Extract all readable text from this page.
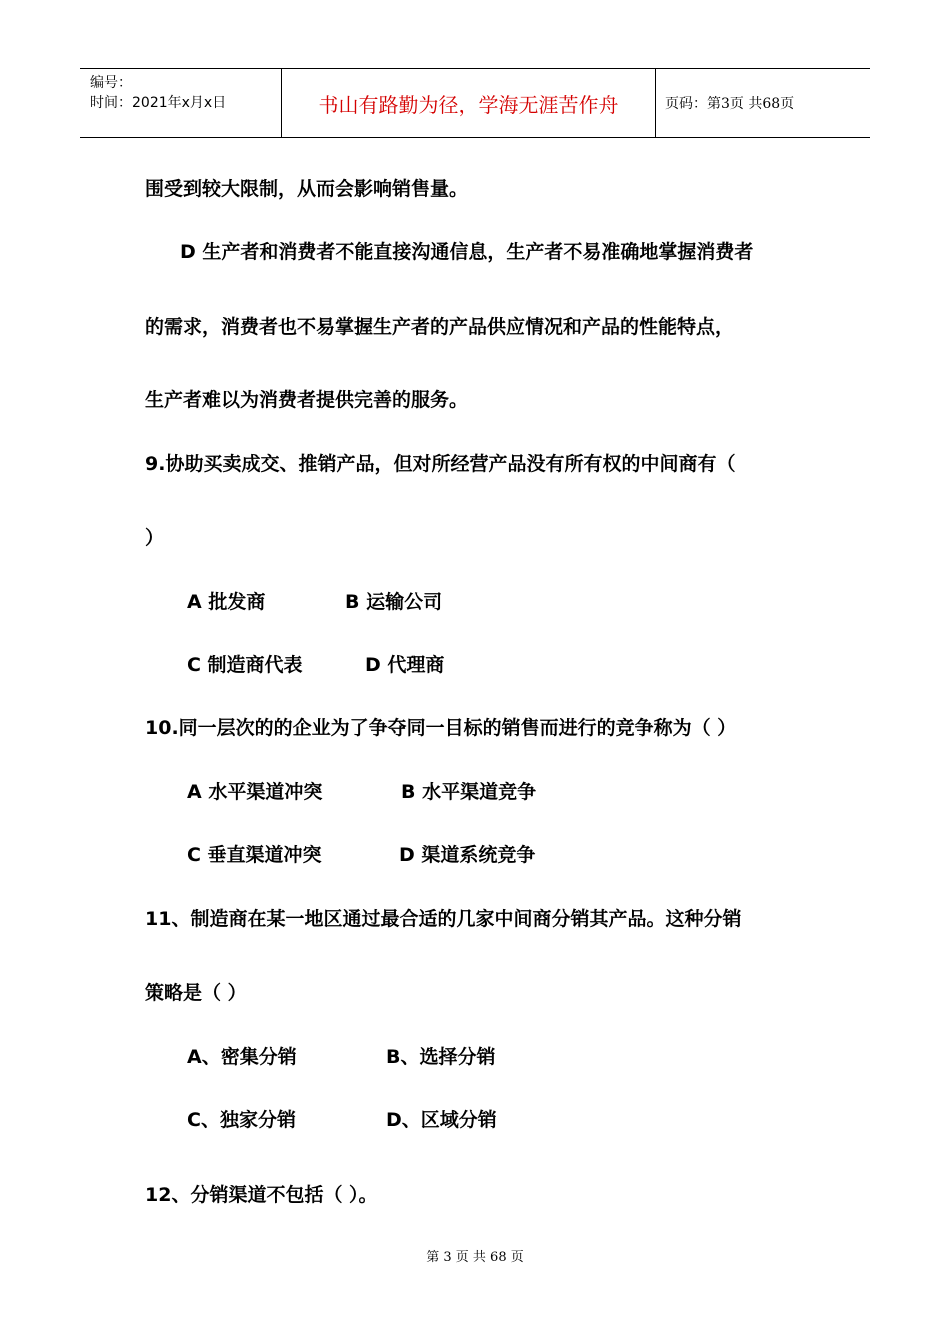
编号：
时间：2021年x月x日	书山有路勤为径，学海无涯苦作舟	页码：第3页 共68页
围受到较大限制，从而会影响销售量。
D 生产者和消费者不能直接沟通信息，生产者不易准确地掌握消费者
的需求，消费者也不易掌握生产者的产品供应情况和产品的性能特点，
生产者难以为消费者提供完善的服务。
9.协助买卖成交、推销产品，但对所经营产品没有所有权的中间商有（
）
A 批发商	B 运输公司
C 制造商代表	D 代理商
10.同一层次的的企业为了争夺同一目标的销售而进行的竞争称为（ ）
A 水平渠道冲突	B 水平渠道竞争
C 垂直渠道冲突	D 渠道系统竞争
11、制造商在某一地区通过最合适的几家中间商分销其产品。这种分销
策略是（ ）
A、密集分销	B、选择分销
C、独家分销	D、区域分销
12、分销渠道不包括（ ）。
第 3 页 共 68 页
